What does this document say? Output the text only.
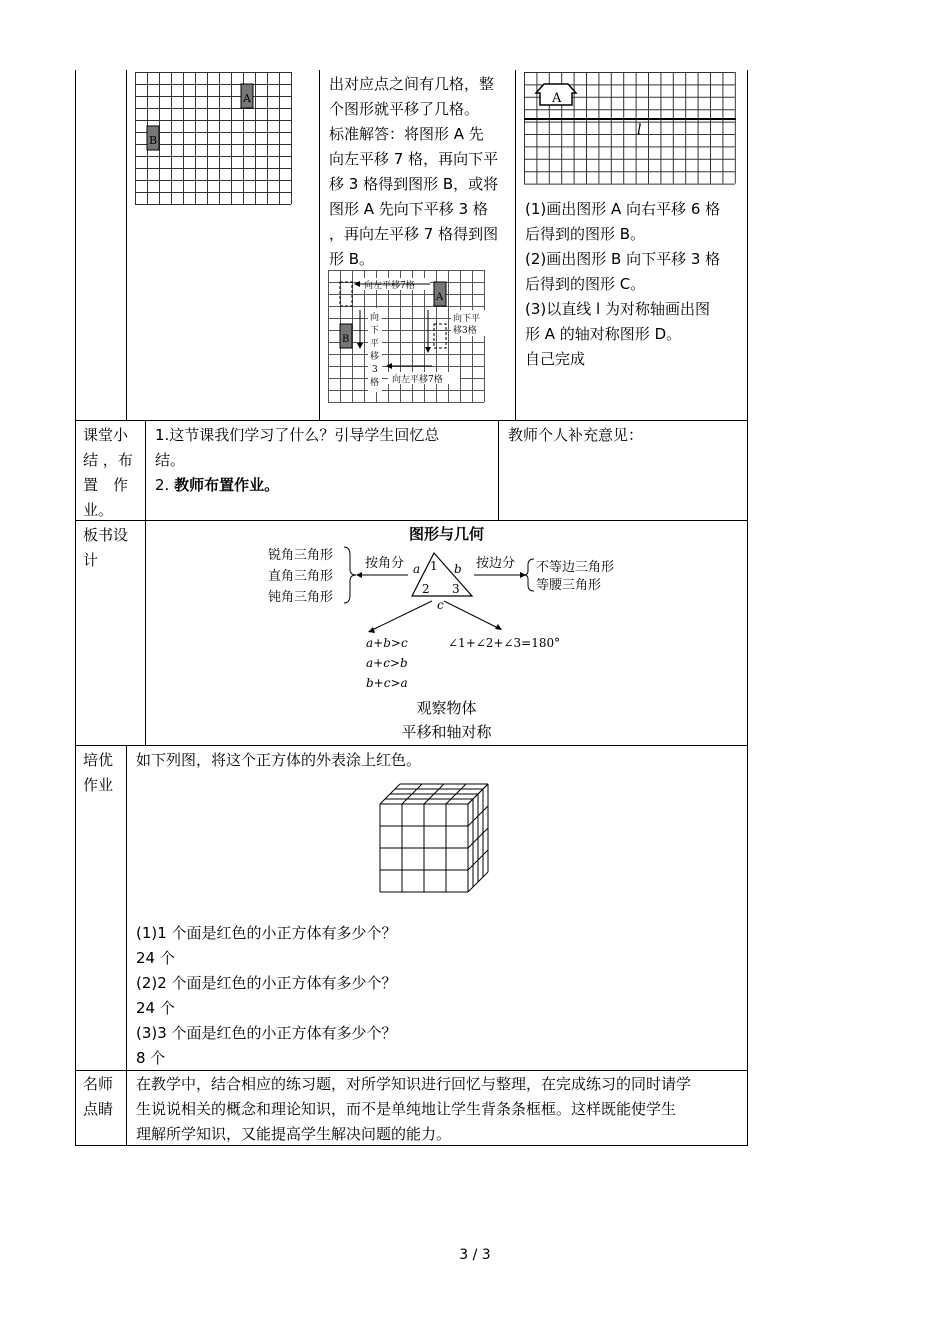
A
B
出对应点之间有几格，整
个图形就平移了几格。
标准解答：将图形 A 先
向左平移 7 格，再向下平
移 3 格得到图形 B，或将
图形 A 先向下平移 3 格
，再向左平移 7 格得到图
形 B。
A
B
向左平移7格
向左平移7格
向下平
移3格
向
下
平
移
3
格
A
l
(1)画出图形 A 向右平移 6 格
后得到的图形 B。
(2)画出图形 B 向下平移 3 格
后得到的图形 C。
(3)以直线 l 为对称轴画出图
形 A 的轴对称图形 D。
自己完成
课堂小
结 ，布
置　作
业。
1.这节课我们学习了什么？引导学生回忆总
结。
2. 教师布置作业。
教师个人补充意见：
板书设
计
图形与几何
锐角三角形
直角三角形
钝角三角形
按角分 a	b
c
1
2 3
按边分 不等边三角形
等腰三角形
a+b>c
a+c>b
b+c>a
∠1+∠2+∠3=180°
观察物体
平移和轴对称
培优
作业
如下列图，将这个正方体的外表涂上红色。
(1)1 个面是红色的小正方体有多少个？
24 个
(2)2 个面是红色的小正方体有多少个？
24 个
(3)3 个面是红色的小正方体有多少个？
8 个
名师
点睛
在教学中，结合相应的练习题，对所学知识进行回忆与整理，在完成练习的同时请学
生说说相关的概念和理论知识，而不是单纯地让学生背条条框框。这样既能使学生
理解所学知识，又能提高学生解决问题的能力。
3 / 3
